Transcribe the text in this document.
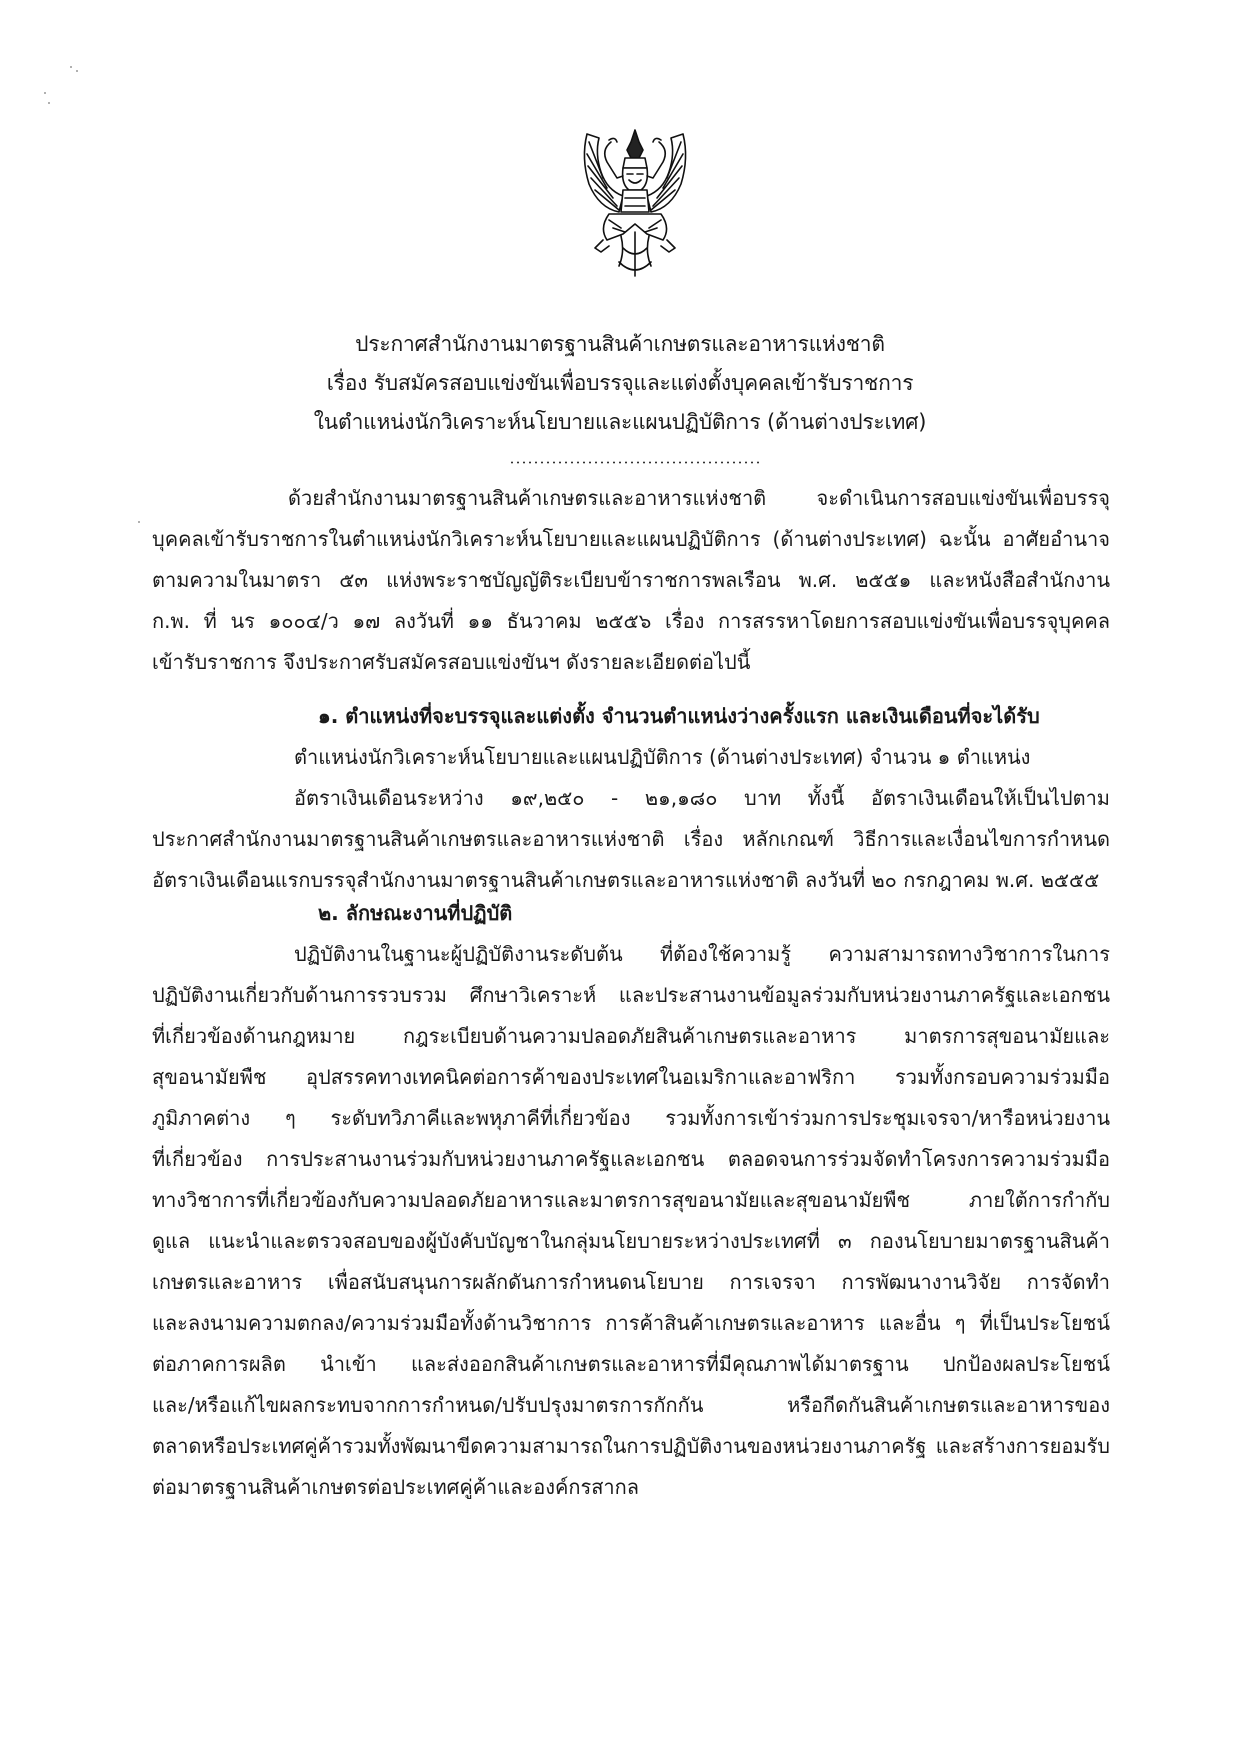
ประกาศสำนักงานมาตรฐานสินค้าเกษตรและอาหารแห่งชาติ
เรื่อง รับสมัครสอบแข่งขันเพื่อบรรจุและแต่งตั้งบุคคลเข้ารับราชการ
ในตำแหน่งนักวิเคราะห์นโยบายและแผนปฏิบัติการ (ด้านต่างประเทศ)
ด้วยสำนักงานมาตรฐานสินค้าเกษตรและอาหารแห่งชาติ จะดำเนินการสอบแข่งขันเพื่อบรรจุ
บุคคลเข้ารับราชการในตำแหน่งนักวิเคราะห์นโยบายและแผนปฏิบัติการ (ด้านต่างประเทศ) ฉะนั้น อาศัยอำนาจ
ตามความในมาตรา ๕๓ แห่งพระราชบัญญัติระเบียบข้าราชการพลเรือน พ.ศ. ๒๕๕๑ และหนังสือสำนักงาน
ก.พ. ที่ นร ๑๐๐๔/ว ๑๗ ลงวันที่ ๑๑ ธันวาคม ๒๕๕๖ เรื่อง การสรรหาโดยการสอบแข่งขันเพื่อบรรจุบุคคล
เข้ารับราชการ จึงประกาศรับสมัครสอบแข่งขันฯ ดังรายละเอียดต่อไปนี้
๑. ตำแหน่งที่จะบรรจุและแต่งตั้ง จำนวนตำแหน่งว่างครั้งแรก และเงินเดือนที่จะได้รับ
ตำแหน่งนักวิเคราะห์นโยบายและแผนปฏิบัติการ (ด้านต่างประเทศ) จำนวน ๑ ตำแหน่ง
อัตราเงินเดือนระหว่าง ๑๙,๒๕๐ - ๒๑,๑๘๐ บาท ทั้งนี้ อัตราเงินเดือนให้เป็นไปตาม
ประกาศสำนักงานมาตรฐานสินค้าเกษตรและอาหารแห่งชาติ เรื่อง หลักเกณฑ์ วิธีการและเงื่อนไขการกำหนด
อัตราเงินเดือนแรกบรรจุสำนักงานมาตรฐานสินค้าเกษตรและอาหารแห่งชาติ ลงวันที่ ๒๐ กรกฎาคม พ.ศ. ๒๕๕๕
๒. ลักษณะงานที่ปฏิบัติ
ปฏิบัติงานในฐานะผู้ปฏิบัติงานระดับต้น ที่ต้องใช้ความรู้ ความสามารถทางวิชาการในการ
ปฏิบัติงานเกี่ยวกับด้านการรวบรวม ศึกษาวิเคราะห์ และประสานงานข้อมูลร่วมกับหน่วยงานภาครัฐและเอกชน
ที่เกี่ยวข้องด้านกฎหมาย กฎระเบียบด้านความปลอดภัยสินค้าเกษตรและอาหาร มาตรการสุขอนามัยและ
สุขอนามัยพืช อุปสรรคทางเทคนิคต่อการค้าของประเทศในอเมริกาและอาฟริกา รวมทั้งกรอบความร่วมมือ
ภูมิภาคต่าง ๆ ระดับทวิภาคีและพหุภาคีที่เกี่ยวข้อง รวมทั้งการเข้าร่วมการประชุมเจรจา/หารือหน่วยงาน
ที่เกี่ยวข้อง การประสานงานร่วมกับหน่วยงานภาครัฐและเอกชน ตลอดจนการร่วมจัดทำโครงการความร่วมมือ
ทางวิชาการที่เกี่ยวข้องกับความปลอดภัยอาหารและมาตรการสุขอนามัยและสุขอนามัยพืช ภายใต้การกำกับ
ดูแล แนะนำและตรวจสอบของผู้บังคับบัญชาในกลุ่มนโยบายระหว่างประเทศที่ ๓ กองนโยบายมาตรฐานสินค้า
เกษตรและอาหาร เพื่อสนับสนุนการผลักดันการกำหนดนโยบาย การเจรจา การพัฒนางานวิจัย การจัดทำ
และลงนามความตกลง/ความร่วมมือทั้งด้านวิชาการ การค้าสินค้าเกษตรและอาหาร และอื่น ๆ ที่เป็นประโยชน์
ต่อภาคการผลิต นำเข้า และส่งออกสินค้าเกษตรและอาหารที่มีคุณภาพได้มาตรฐาน ปกป้องผลประโยชน์
และ/หรือแก้ไขผลกระทบจากการกำหนด/ปรับปรุงมาตรการกักกัน หรือกีดกันสินค้าเกษตรและอาหารของ
ตลาดหรือประเทศคู่ค้ารวมทั้งพัฒนาขีดความสามารถในการปฏิบัติงานของหน่วยงานภาครัฐ และสร้างการยอมรับ
ต่อมาตรฐานสินค้าเกษตรต่อประเทศคู่ค้าและองค์กรสากล
